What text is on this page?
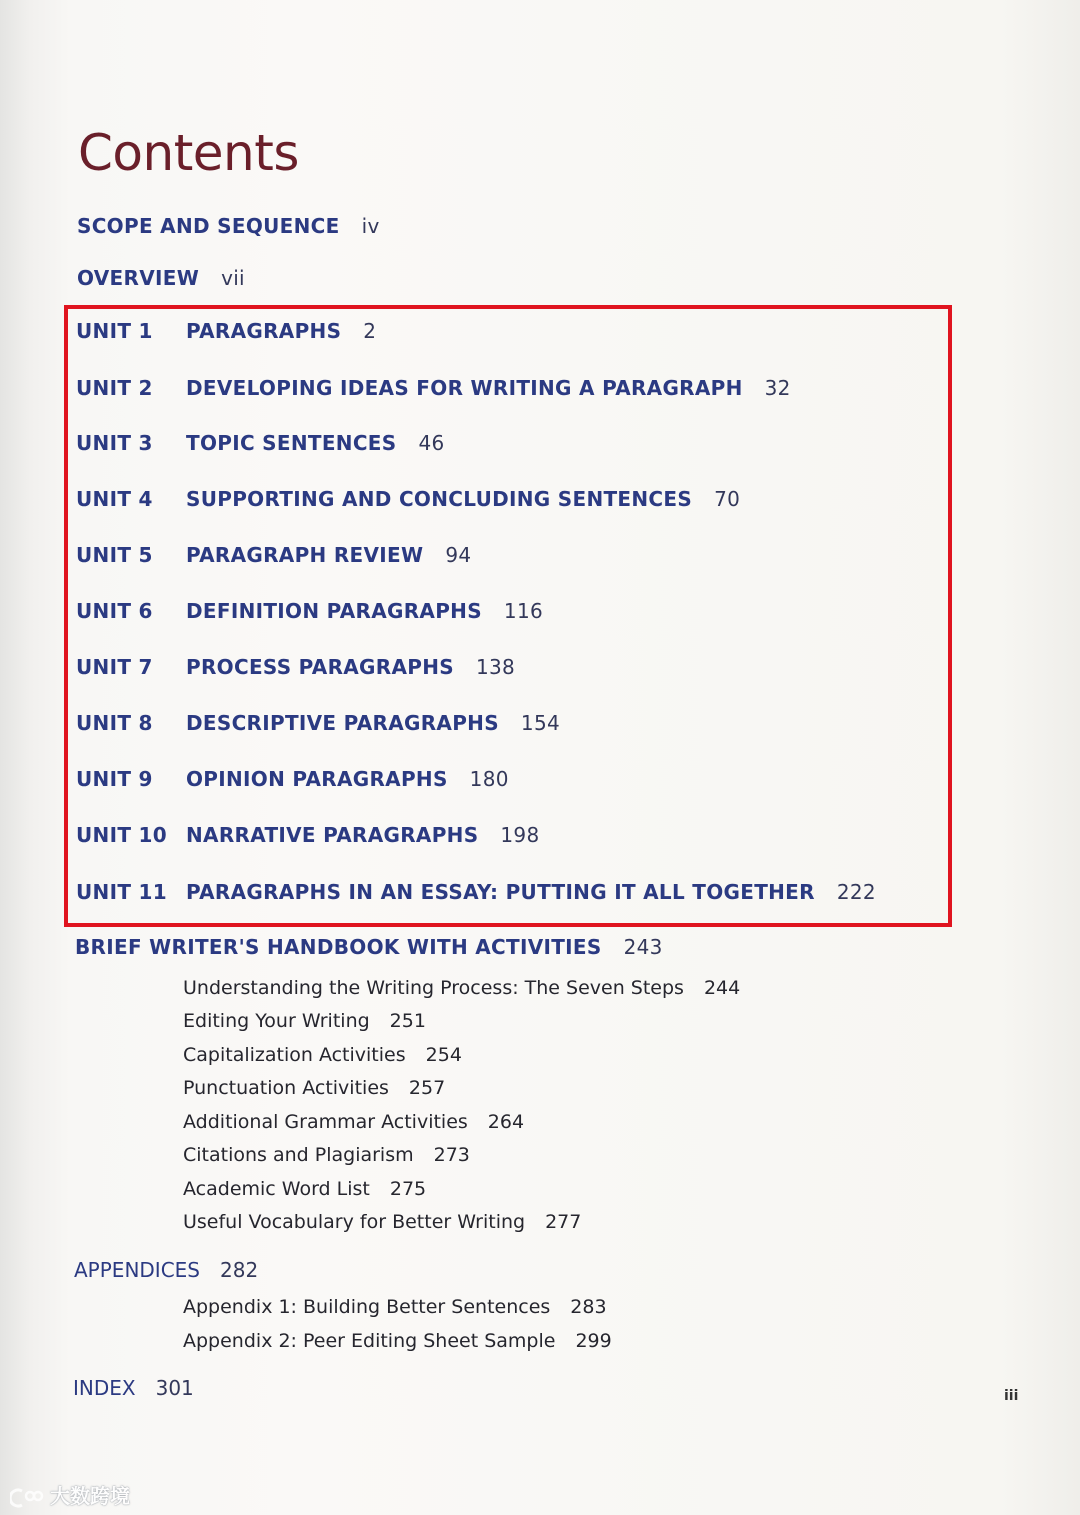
Contents
SCOPE AND SEQUENCE iv
OVERVIEW vii
UNIT 1 PARAGRAPHS 2
UNIT 2 DEVELOPING IDEAS FOR WRITING A PARAGRAPH 32
UNIT 3 TOPIC SENTENCES 46
UNIT 4 SUPPORTING AND CONCLUDING SENTENCES 70
UNIT 5 PARAGRAPH REVIEW 94
UNIT 6 DEFINITION PARAGRAPHS 116
UNIT 7 PROCESS PARAGRAPHS 138
UNIT 8 DESCRIPTIVE PARAGRAPHS 154
UNIT 9 OPINION PARAGRAPHS 180
UNIT 10 NARRATIVE PARAGRAPHS 198
UNIT 11 PARAGRAPHS IN AN ESSAY: PUTTING IT ALL TOGETHER 222
BRIEF WRITER'S HANDBOOK WITH ACTIVITIES 243
Understanding the Writing Process: The Seven Steps 244
Editing Your Writing 251
Capitalization Activities 254
Punctuation Activities 257
Additional Grammar Activities 264
Citations and Plagiarism 273
Academic Word List 275
Useful Vocabulary for Better Writing 277
APPENDICES 282
Appendix 1: Building Better Sentences 283
Appendix 2: Peer Editing Sheet Sample 299
INDEX 301	iii
大数跨境
